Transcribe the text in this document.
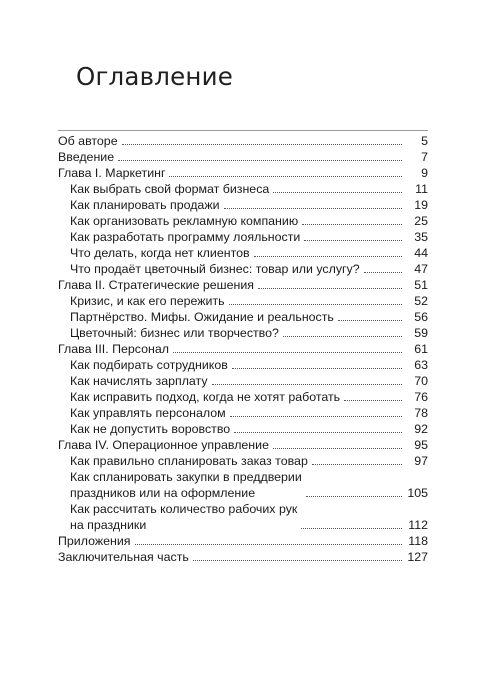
Оглавление
Об авторе	5
Введение	7
Глава I. Маркетинг	9
Как выбрать свой формат бизнеса	11
Как планировать продажи	19
Как организовать рекламную компанию	25
Как разработать программу лояльности	35
Что делать, когда нет клиентов	44
Что продаёт цветочный бизнес: товар или услугу?	47
Глава II. Стратегические решения	51
Кризис, и как его пережить	52
Партнёрство. Мифы. Ожидание и реальность	56
Цветочный: бизнес или творчество?	59
Глава III. Персонал	61
Как подбирать сотрудников	63
Как начислять зарплату	70
Как исправить подход, когда не хотят работать	76
Как управлять персоналом	78
Как не допустить воровство	92
Глава IV. Операционное управление	95
Как правильно спланировать заказ товар	97
Как спланировать закупки в преддверии
праздников или на оформление	105
Как рассчитать количество рабочих рук
на праздники	112
Приложения	118
Заключительная часть	127
